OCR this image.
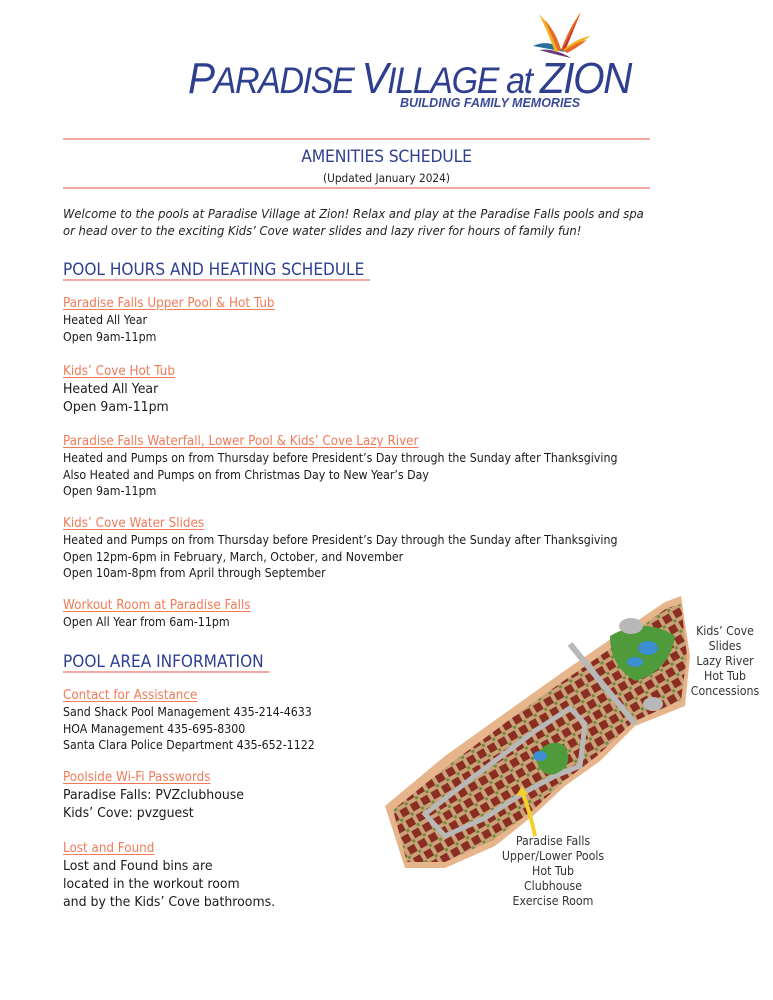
PARADISE VILLAGE at ZION
BUILDING FAMILY MEMORIES
AMENITIES SCHEDULE
(Updated January 2024)
Welcome to the pools at Paradise Village at Zion! Relax and play at the Paradise Falls pools and spa
or head over to the exciting Kids’ Cove water slides and lazy river for hours of family fun!
POOL HOURS AND HEATING SCHEDULE
Paradise Falls Upper Pool & Hot Tub
Heated All Year
Open 9am-11pm
Kids’ Cove Hot Tub
Heated All Year
Open 9am-11pm
Paradise Falls Waterfall, Lower Pool & Kids’ Cove Lazy River
Heated and Pumps on from Thursday before President’s Day through the Sunday after Thanksgiving
Also Heated and Pumps on from Christmas Day to New Year’s Day
Open 9am-11pm
Kids’ Cove Water Slides
Heated and Pumps on from Thursday before President’s Day through the Sunday after Thanksgiving
Open 12pm-6pm in February, March, October, and November
Open 10am-8pm from April through September
Workout Room at Paradise Falls
Open All Year from 6am-11pm
POOL AREA INFORMATION
Contact for Assistance
Sand Shack Pool Management 435-214-4633
HOA Management 435-695-8300
Santa Clara Police Department 435-652-1122
Poolside Wi-Fi Passwords
Paradise Falls: PVZclubhouse
Kids’ Cove: pvzguest
Lost and Found
Lost and Found bins are
located in the workout room
and by the Kids’ Cove bathrooms.
Kids’ Cove
Slides
Lazy River
Hot Tub
Concessions
Paradise Falls
Upper/Lower Pools
Hot Tub
Clubhouse
Exercise Room
